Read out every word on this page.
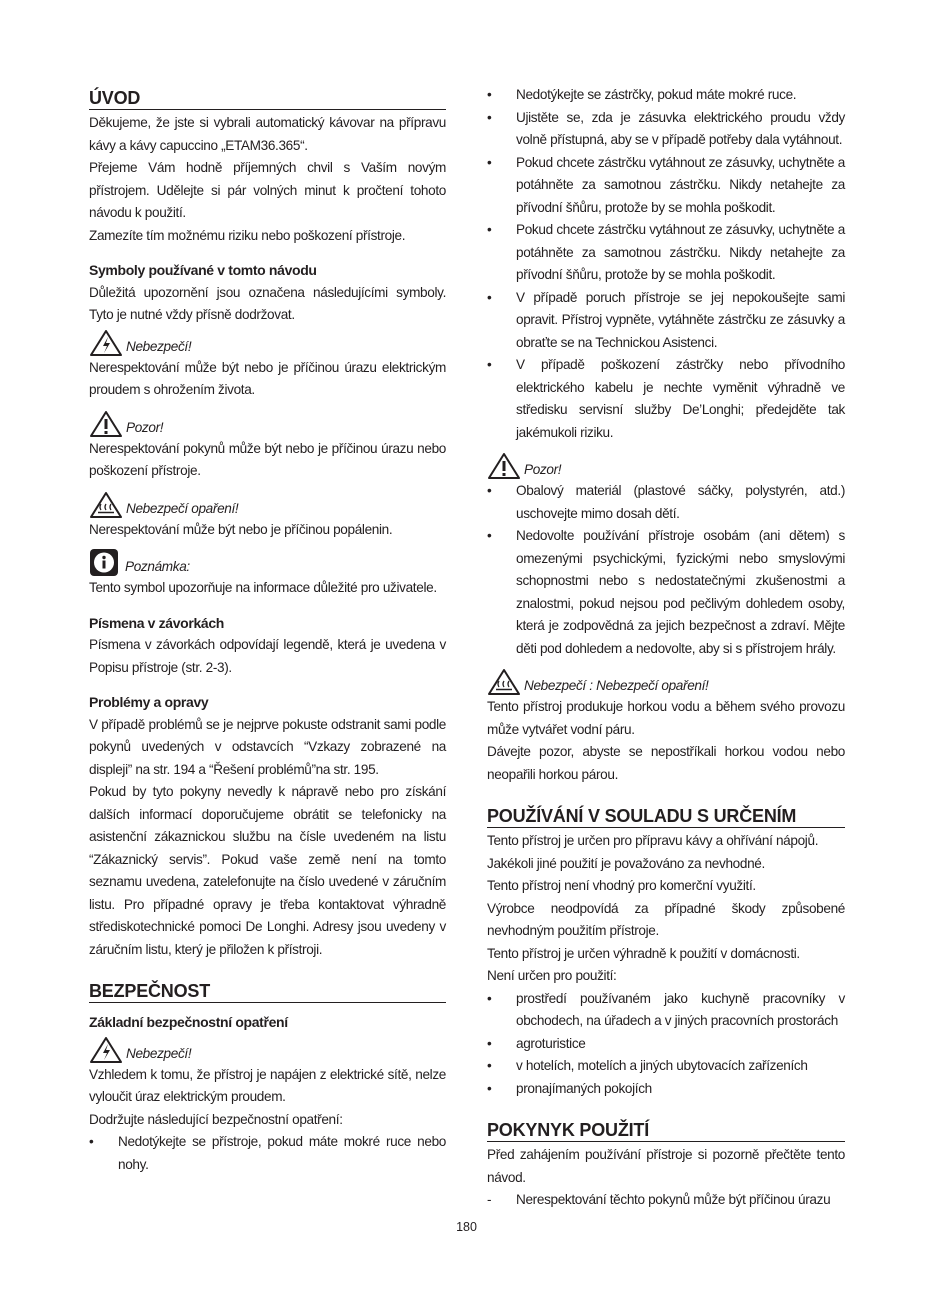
ÚVOD

Děkujeme, že jste si vybrali automatický kávovar na přípravu kávy a kávy capuccino „ETAM36.365“.

Přejeme Vám hodně příjemných chvil s Vaším novým přístrojem. Udělejte si pár volných minut k pročtení tohoto návodu k použití.

Zamezíte tím možnému riziku nebo poškození přístroje.

Symboly používané v tomto návodu

Důležitá upozornění jsou označena následujícími symboly. Tyto je nutné vždy přísně dodržovat.

Nebezpečí!

Nerespektování může být nebo je příčinou úrazu elektrickým proudem s ohrožením života.

Pozor!

Nerespektování pokynů může být nebo je příčinou úrazu nebo poškození přístroje.

Nebezpečí opaření!

Nerespektování může být nebo je příčinou popálenin.

Poznámka:

Tento symbol upozorňuje na informace důležité pro uživatele.

Písmena v závorkách

Písmena v závorkách odpovídají legendě, která je uvedena v Popisu přístroje (str. 2-3).

Problémy a opravy

V případě problémů se je nejprve pokuste odstranit sami podle pokynů uvedených v odstavcích “Vzkazy zobrazené na displeji” na str. 194 a “Řešení problémů”na str. 195.

Pokud by tyto pokyny nevedly k nápravě nebo pro získání dalších informací doporučujeme obrátit se telefonicky na asistenční zákaznickou službu na čísle uvedeném na listu “Zákaznický servis”. Pokud vaše země není na tomto seznamu uvedena, zatelefonujte na číslo uvedené v záručním listu. Pro případné opravy je třeba kontaktovat výhradně střediskotechnické pomoci De Longhi. Adresy jsou uvedeny v záručním listu, který je přiložen k přístroji.

BEZPEČNOST
Základní bezpečnostní opatření
Nebezpečí!

Vzhledem k tomu, že přístroj je napájen z elektrické sítě, nelze vyloučit úraz elektrickým proudem.

Dodržujte následující bezpečnostní opatření:

•	Nedotýkejte se přístroje, pokud máte mokré ruce nebo nohy.
•	Nedotýkejte se zástrčky, pokud máte mokré ruce.
•	Ujistěte se, zda je zásuvka elektrického proudu vždy volně přístupná, aby se v případě potřeby dala vytáhnout.
•	Pokud chcete zástrčku vytáhnout ze zásuvky, uchytněte a potáhněte za samotnou zástrčku. Nikdy netahejte za přívodní šňůru, protože by se mohla poškodit.
•	Pokud chcete zástrčku vytáhnout ze zásuvky, uchytněte a potáhněte za samotnou zástrčku. Nikdy netahejte za přívodní šňůru, protože by se mohla poškodit.
•	V případě poruch přístroje se jej nepokoušejte sami opravit. Přístroj vypněte, vytáhněte zástrčku ze zásuvky a obraťte se na Technickou Asistenci.
•	V případě poškození zástrčky nebo přívodního elektrického kabelu je nechte vyměnit výhradně ve středisku servisní služby De’Longhi; předejděte tak jakémukoli riziku.
Pozor!
•	Obalový materiál (plastové sáčky, polystyrén, atd.) uschovejte mimo dosah dětí.
•	Nedovolte používání přístroje osobám (ani dětem) s omezenými psychickými, fyzickými nebo smyslovými schopnostmi nebo s nedostatečnými zkušenostmi a znalostmi, pokud nejsou pod pečlivým dohledem osoby, která je zodpovědná za jejich bezpečnost a zdraví. Mějte děti pod dohledem a nedovolte, aby si s přístrojem hrály.
Nebezpečí : Nebezpečí opaření!

Tento přístroj produkuje horkou vodu a během svého provozu může vytvářet vodní páru.

Dávejte pozor, abyste se nepostříkali horkou vodou nebo neopařili horkou párou.

POUŽÍVÁNÍ V SOULADU S URČENÍM

Tento přístroj je určen pro přípravu kávy a ohřívání nápojů.

Jakékoli jiné použití je považováno za nevhodné.

Tento přístroj není vhodný pro komerční využití.

Výrobce neodpovídá za případné škody způsobené nevhodným použitím přístroje.

Tento přístroj je určen výhradně k použití v domácnosti.

Není určen pro použití:

•	prostředí používaném jako kuchyně pracovníky v obchodech, na úřadech a v jiných pracovních prostorách
•	agroturistice
•	v hotelích, motelích a jiných ubytovacích zařízeních
•	pronajímaných pokojích
POKYNYK POUŽITÍ

Před zahájením používání přístroje si pozorně přečtěte tento návod.

-	Nerespektování těchto pokynů může být příčinou úrazu
180
